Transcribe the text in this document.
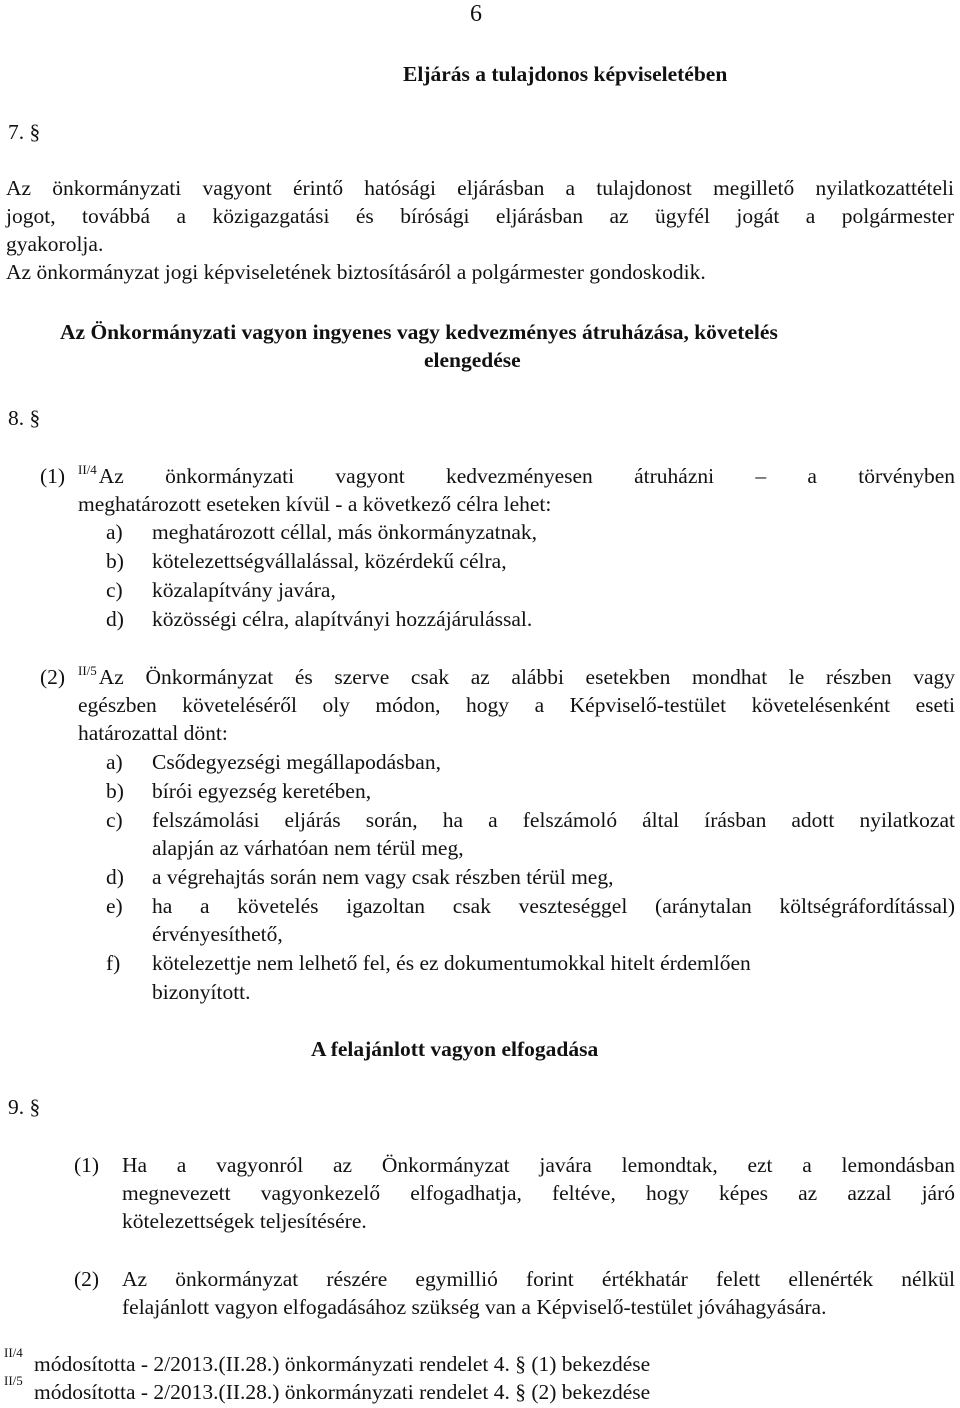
6
Eljárás a tulajdonos képviseletében
7. §
Az önkormányzati vagyont érintő hatósági eljárásban a tulajdonost megillető nyilatkozattételi
jogot, továbbá a közigazgatási és bírósági eljárásban az ügyfél jogát a polgármester
gyakorolja.
Az önkormányzat jogi képviseletének biztosításáról a polgármester gondoskodik.
Az Önkormányzati vagyon ingyenes vagy kedvezményes átruházása, követelés
elengedése
8. §
(1) $^{II/4}$Az önkormányzati vagyont kedvezményesen átruházni – a törvényben
meghatározott eseteken kívül - a következő célra lehet:
a) meghatározott céllal, más önkormányzatnak,
b) kötelezettségvállalással, közérdekű célra,
c) közalapítvány javára,
d) közösségi célra, alapítványi hozzájárulással.
(2) $^{II/5}$Az Önkormányzat és szerve csak az alábbi esetekben mondhat le részben vagy
egészben követeléséről oly módon, hogy a Képviselő-testület követelésenként eseti
határozattal dönt:
a) Csődegyezségi megállapodásban,
b) bírói egyezség keretében,
c) felszámolási eljárás során, ha a felszámoló által írásban adott nyilatkozat
alapján az várhatóan nem térül meg,
d) a végrehajtás során nem vagy csak részben térül meg,
e) ha a követelés igazoltan csak veszteséggel (aránytalan költségráfordítással)
érvényesíthető,
f) kötelezettje nem lelhető fel, és ez dokumentumokkal hitelt érdemlően
bizonyított.
A felajánlott vagyon elfogadása
9. §
(1) Ha a vagyonról az Önkormányzat javára lemondtak, ezt a lemondásban
megnevezett vagyonkezelő elfogadhatja, feltéve, hogy képes az azzal járó
kötelezettségek teljesítésére.
(2) Az önkormányzat részére egymillió forint értékhatár felett ellenérték nélkül
felajánlott vagyon elfogadásához szükség van a Képviselő-testület jóváhagyására.
II/4 módosította - 2/2013.(II.28.) önkormányzati rendelet 4. § (1) bekezdése
II/5 módosította - 2/2013.(II.28.) önkormányzati rendelet 4. § (2) bekezdése
